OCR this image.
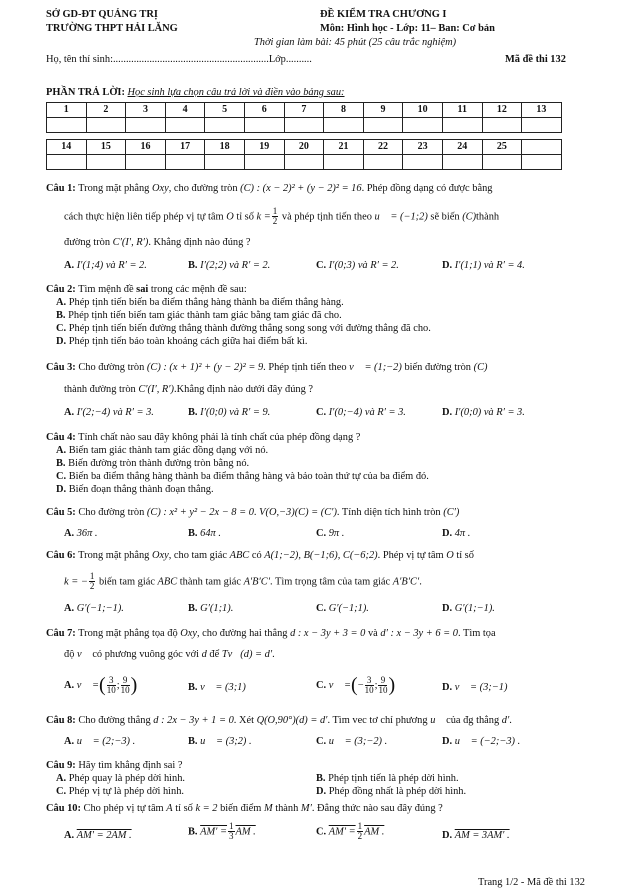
SỞ GD-ĐT QUẢNG TRỊ
TRƯỜNG THPT HẢI LĂNG
ĐỀ KIỂM TRA CHƯƠNG I
Môn: Hình học - Lớp: 11– Ban: Cơ bản
Thời gian làm bài: 45 phút (25 câu trắc nghiệm)
Họ, tên thí sinh:............................................................Lớp..........	Mã đề thi 132
PHẦN TRẢ LỜI: Học sinh lựa chọn câu trả lời và điền vào bảng sau:
1	2	3	4	5	6	7	8	9	10	11	12	13

14	15	16	17	18	19	20	21	22	23	24	25	

Câu 1: Trong mặt phẳng Oxy, cho đường tròn (C) : (x − 2)² + (y − 2)² = 16. Phép đồng dạng có được bằng
cách thực hiện liên tiếp phép vị tự tâm O tỉ số $k = \frac{1}{2}$ và phép tịnh tiến theo u⃗ = (−1;2) sẽ biến (C)thành
đường tròn C′(I′, R′). Khẳng định nào đúng ?
A. I′(1;4) và R′ = 2.	B. I′(2;2) và R′ = 2.	C. I′(0;3) và R′ = 2.	D. I′(1;1) và R′ = 4.
Câu 2: Tìm mệnh đề sai trong các mệnh đề sau:
A. Phép tịnh tiến biến ba điểm thẳng hàng thành ba điểm thẳng hàng.
B. Phép tịnh tiến biến tam giác thành tam giác bằng tam giác đã cho.
C. Phép tịnh tiến biến đường thẳng thành đường thẳng song song với đường thẳng đã cho.
D. Phép tịnh tiến bảo toàn khoảng cách giữa hai điểm bất kì.
Câu 3: Cho đường tròn (C) : (x + 1)² + (y − 2)² = 9. Phép tịnh tiến theo v⃗ = (1;−2) biến đường tròn (C)
thành đường tròn C′(I′, R′).Khẳng định nào dưới đây đúng ?
A. I′(2;−4) và R′ = 3.	B. I′(0;0) và R′ = 9.	C. I′(0;−4) và R′ = 3.	D. I′(0;0) và R′ = 3.
Câu 4: Tính chất nào sau đây không phải là tính chất của phép đồng dạng ?
A. Biến tam giác thành tam giác đồng dạng với nó.
B. Biến đường tròn thành đường tròn bằng nó.
C. Biến ba điểm thẳng hàng thành ba điểm thẳng hàng và bảo toàn thứ tự của ba điểm đó.
D. Biến đoạn thẳng thành đoạn thẳng.
Câu 5: Cho đường tròn (C) : x² + y² − 2x − 8 = 0. V(O,−3)(C) = (C′). Tính diện tích hình tròn (C′)
A. 36π .	B. 64π .	C. 9π .	D. 4π .
Câu 6: Trong mặt phẳng Oxy, cho tam giác ABC có A(1;−2), B(−1;6), C(−6;2). Phép vị tự tâm O tỉ số
k = − $\frac{1}{2}$ biến tam giác ABC thành tam giác A′B′C′. Tìm trọng tâm của tam giác A′B′C′.
A. G′(−1;−1).	B. G′(1;1).	C. G′(−1;1).	D. G′(1;−1).
Câu 7: Trong mặt phẳng tọa độ Oxy, cho đường hai thẳng d : x − 3y + 3 = 0 và d′ : x − 3y + 6 = 0. Tìm tọa
độ v⃗ có phương vuông góc với d để Tv⃗(d) = d′.
A. v⃗ =( $\frac{3}{10}$ ; $\frac{9}{10}$ )	B. v⃗ = (3;1)	C. v⃗ =(− $\frac{3}{10}$ ; $\frac{9}{10}$ )	D. v⃗ = (3;−1)
Câu 8: Cho đường thẳng d : 2x − 3y + 1 = 0. Xét Q(O,90°)(d) = d′. Tìm vec tơ chỉ phương u⃗ của đg thẳng d′.
A. u⃗ = (2;−3) .	B. u⃗ = (3;2) .	C. u⃗ = (3;−2) .	D. u⃗ = (−2;−3) .
Câu 9: Hãy tìm khẳng định sai ?
A. Phép quay là phép dời hình.	B. Phép tịnh tiến là phép dời hình.
C. Phép vị tự là phép dời hình.	D. Phép đồng nhất là phép dời hình.
Câu 10: Cho phép vị tự tâm A tỉ số k = 2 biến điểm M thành M′. Đẳng thức nào sau đây đúng ?
A. AM′ = 2AM .	B. $AM' = \frac{1}{3}$ AM .	C. $AM' = \frac{1}{2}$ AM .	D. AM = 3AM′ .
Trang 1/2 - Mã đề thi 132
